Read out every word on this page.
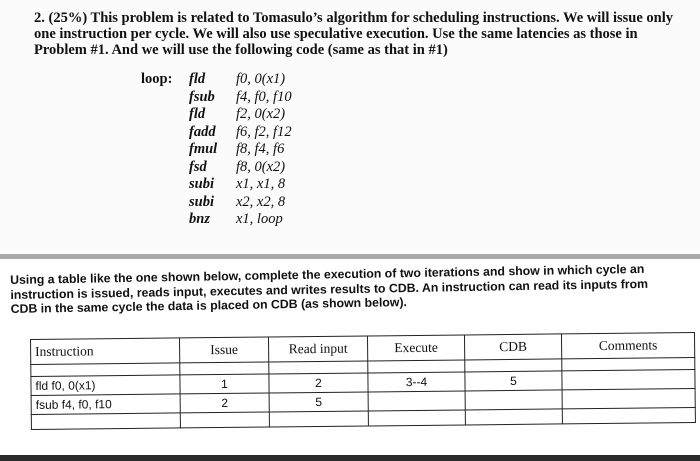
2. (25%) This problem is related to Tomasulo’s algorithm for scheduling instructions. We will issue only one instruction per cycle. We will also use speculative execution. Use the same latencies as those in Problem #1. And we will use the following code (same as that in #1)
loop:	fld	f0, 0(x1)
fsub	f4, f0, f10
fld	f2, 0(x2)
fadd	f6, f2, f12
fmul	f8, f4, f6
fsd	f8, 0(x2)
subi	x1, x1, 8
subi	x2, x2, 8
bnz	x1, loop
Using a table like the one shown below, complete the execution of two iterations and show in which cycle an instruction is issued, reads input, executes and writes results to CDB. An instruction can read its inputs from CDB in the same cycle the data is placed on CDB (as shown below).
Instruction	Issue	Read input	Execute	CDB	Comments

fld f0, 0(x1)	1	2	3--4	5	
fsub f4, f0, f10	2	5			
